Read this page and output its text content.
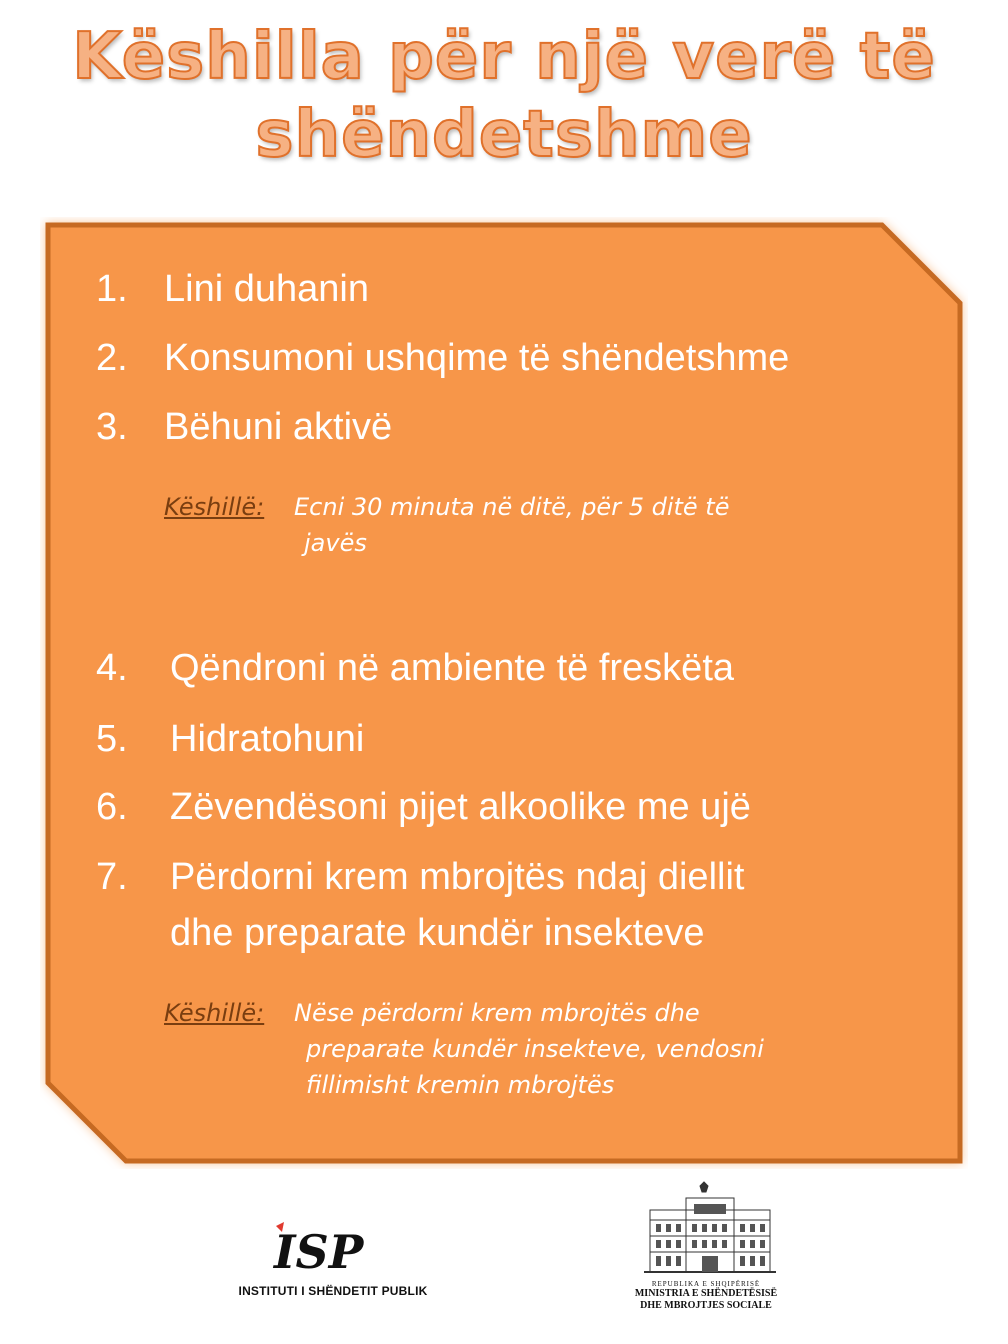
Këshilla për një verë të
shëndetshme
1. Lini duhanin
2. Konsumoni ushqime të shëndetshme
3. Bëhuni aktivë
Këshillë: Ecni 30 minuta në ditë, për 5 ditë të
javës
4. Qëndroni në ambiente të freskëta
5. Hidratohuni
6. Zëvendësoni pijet alkoolike me ujë
7. Përdorni krem mbrojtës ndaj diellit
dhe preparate kundër insekteve
Këshillë: Nëse përdorni krem mbrojtës dhe
preparate kundër insekteve, vendosni
fillimisht kremin mbrojtës
ISP
INSTITUTI I SHËNDETIT PUBLIK	REPUBLIKA E SHQIPËRISË
MINISTRIA E SHËNDETËSISË
DHE MBROJTJES SOCIALE
